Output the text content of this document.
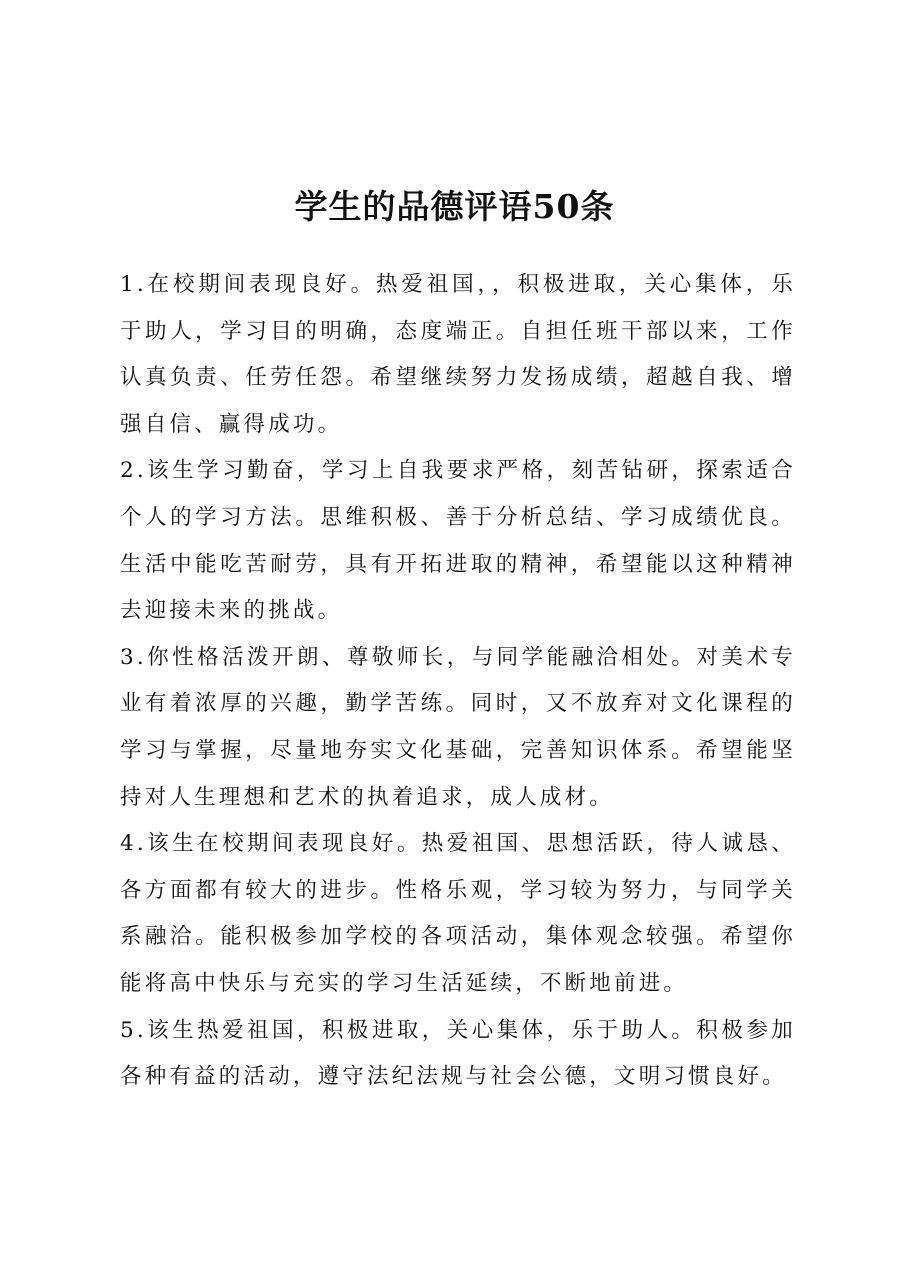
学生的品德评语50条

1.在校期间表现良好。热爱祖国，，积极进取，关心集体，乐于助人，学习目的明确，态度端正。自担任班干部以来，工作认真负责、任劳任怨。希望继续努力发扬成绩，超越自我、增强自信、赢得成功。

2.该生学习勤奋，学习上自我要求严格，刻苦钻研，探索适合个人的学习方法。思维积极、善于分析总结、学习成绩优良。生活中能吃苦耐劳，具有开拓进取的精神，希望能以这种精神去迎接未来的挑战。

3.你性格活泼开朗、尊敬师长，与同学能融洽相处。对美术专业有着浓厚的兴趣，勤学苦练。同时，又不放弃对文化课程的学习与掌握，尽量地夯实文化基础，完善知识体系。希望能坚持对人生理想和艺术的执着追求，成人成材。

4.该生在校期间表现良好。热爱祖国、思想活跃，待人诚恳、各方面都有较大的进步。性格乐观，学习较为努力，与同学关系融洽。能积极参加学校的各项活动，集体观念较强。希望你能将高中快乐与充实的学习生活延续，不断地前进。

5.该生热爱祖国，积极进取，关心集体，乐于助人。积极参加各种有益的活动，遵守法纪法规与社会公德，文明习惯良好。
